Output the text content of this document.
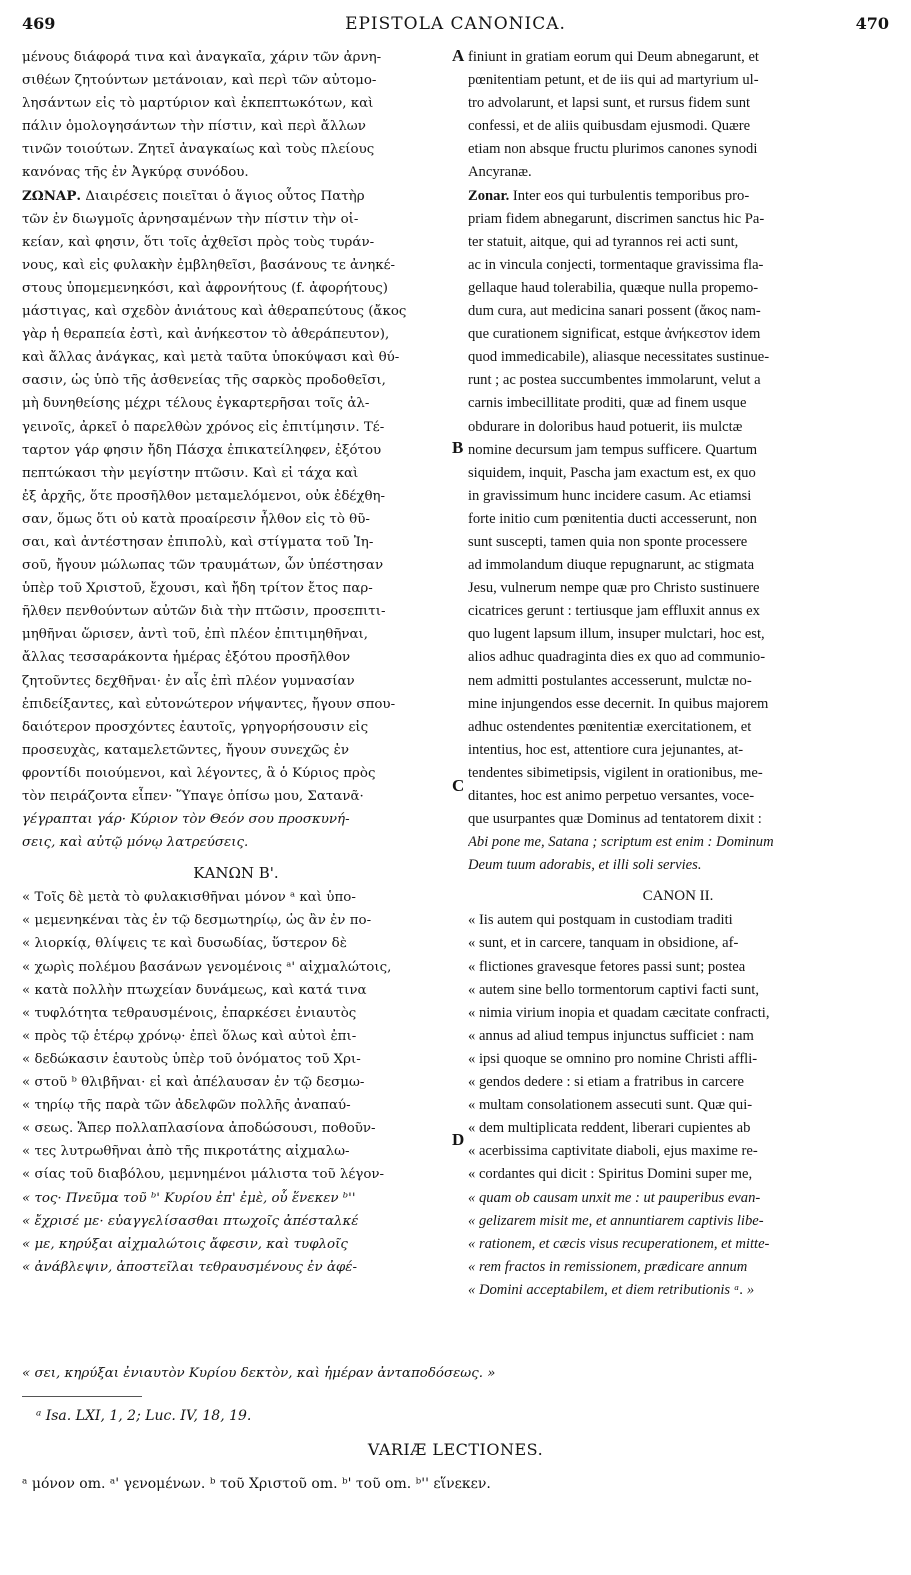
469	EPISTOLA CANONICA.	470
A
B
C
D
μένους διάφορά τινα καὶ ἀναγκαῖα, χάριν τῶν ἀρνη-
σιθέων ζητούντων μετάνοιαν, καὶ περὶ τῶν αὐτομο-
λησάντων εἰς τὸ μαρτύριον καὶ ἐκπεπτωκότων, καὶ
πάλιν ὁμολογησάντων τὴν πίστιν, καὶ περὶ ἄλλων
τινῶν τοιούτων. Ζητεῖ ἀναγκαίως καὶ τοὺς πλείους
κανόνας τῆς ἐν Ἀγκύρᾳ συνόδου.
ΖΩΝΑΡ. Διαιρέσεις ποιεῖται ὁ ἅγιος οὗτος Πατὴρ
τῶν ἐν διωγμοῖς ἀρνησαμένων τὴν πίστιν τὴν οἰ-
κείαν, καὶ φησιν, ὅτι τοῖς ἀχθεῖσι πρὸς τοὺς τυράν-
νους, καὶ εἰς φυλακὴν ἐμβληθεῖσι, βασάνους τε ἀνηκέ-
στους ὑπομεμενηκόσι, καὶ ἀφρονήτους (f. ἀφορήτους)
μάστιγας, καὶ σχεδὸν ἀνιάτους καὶ ἀθεραπεύτους (ἄκος
γὰρ ἡ θεραπεία ἐστὶ, καὶ ἀνήκεστον τὸ ἀθεράπευτον),
καὶ ἄλλας ἀνάγκας, καὶ μετὰ ταῦτα ὑποκύψασι καὶ θύ-
σασιν, ὡς ὑπὸ τῆς ἀσθενείας τῆς σαρκὸς προδοθεῖσι,
μὴ δυνηθείσης μέχρι τέλους ἐγκαρτερῆσαι τοῖς ἀλ-
γεινοῖς, ἀρκεῖ ὁ παρελθὼν χρόνος εἰς ἐπιτίμησιν. Τέ-
ταρτον γάρ φησιν ἤδη Πάσχα ἐπικατείληφεν, ἐξότου
πεπτώκασι τὴν μεγίστην πτῶσιν. Καὶ εἰ τάχα καὶ
ἐξ ἀρχῆς, ὅτε προσῆλθον μεταμελόμενοι, οὐκ ἐδέχθη-
σαν, ὅμως ὅτι οὐ κατὰ προαίρεσιν ἦλθον εἰς τὸ θῦ-
σαι, καὶ ἀντέστησαν ἐπιπολὺ, καὶ στίγματα τοῦ Ἰη-
σοῦ, ἤγουν μώλωπας τῶν τραυμάτων, ὧν ὑπέστησαν
ὑπὲρ τοῦ Χριστοῦ, ἔχουσι, καὶ ἤδη τρίτον ἔτος παρ-
ῆλθεν πενθούντων αὐτῶν διὰ τὴν πτῶσιν, προσεπιτι-
μηθῆναι ὥρισεν, ἀντὶ τοῦ, ἐπὶ πλέον ἐπιτιμηθῆναι,
ἄλλας τεσσαράκοντα ἡμέρας ἐξότου προσῆλθον
ζητοῦντες δεχθῆναι· ἐν αἷς ἐπὶ πλέον γυμνασίαν
ἐπιδείξαντες, καὶ εὐτονώτερον νήψαντες, ἤγουν σπου-
δαιότερον προσχόντες ἑαυτοῖς, γρηγορήσουσιν εἰς
προσευχὰς, καταμελετῶντες, ἤγουν συνεχῶς ἐν
φροντίδι ποιούμενοι, καὶ λέγοντες, ἃ ὁ Κύριος πρὸς
τὸν πειράζοντα εἶπεν· Ὕπαγε ὀπίσω μου, Σατανᾶ·
γέγραπται γάρ· Κύριον τὸν Θεόν σου προσκυνή-
σεις, καὶ αὐτῷ μόνῳ λατρεύσεις.
ΚΑΝΩΝ Β'.
« Τοῖς δὲ μετὰ τὸ φυλακισθῆναι μόνον ᵃ καὶ ὑπο-
« μεμενηκέναι τὰς ἐν τῷ δεσμωτηρίῳ, ὡς ἂν ἐν πο-
« λιορκίᾳ, θλίψεις τε καὶ δυσωδίας, ὕστερον δὲ
« χωρὶς πολέμου βασάνων γενομένοις ᵃ' αἰχμαλώτοις,
« κατὰ πολλὴν πτωχείαν δυνάμεως, καὶ κατά τινα
« τυφλότητα τεθραυσμένοις, ἐπαρκέσει ἐνιαυτὸς
« πρὸς τῷ ἑτέρῳ χρόνῳ· ἐπεὶ ὅλως καὶ αὐτοὶ ἐπι-
« δεδώκασιν ἑαυτοὺς ὑπὲρ τοῦ ὀνόματος τοῦ Χρι-
« στοῦ ᵇ θλιβῆναι· εἰ καὶ ἀπέλαυσαν ἐν τῷ δεσμω-
« τηρίῳ τῆς παρὰ τῶν ἀδελφῶν πολλῆς ἀναπαύ-
« σεως. Ἅπερ πολλαπλασίονα ἀποδώσουσι, ποθοῦν-
« τες λυτρωθῆναι ἀπὸ τῆς πικροτάτης αἰχμαλω-
« σίας τοῦ διαβόλου, μεμνημένοι μάλιστα τοῦ λέγον-
« τος· Πνεῦμα τοῦ ᵇ' Κυρίου ἐπ' ἐμὲ, οὗ ἕνεκεν ᵇ''
« ἔχρισέ με· εὐαγγελίσασθαι πτωχοῖς ἀπέσταλκέ
« με, κηρύξαι αἰχμαλώτοις ἄφεσιν, καὶ τυφλοῖς
« ἀνάβλεψιν, ἀποστεῖλαι τεθραυσμένους ἐν ἀφέ-
finiunt in gratiam eorum qui Deum abnegarunt, et
pœnitentiam petunt, et de iis qui ad martyrium ul-
tro advolarunt, et lapsi sunt, et rursus fidem sunt
confessi, et de aliis quibusdam ejusmodi. Quære
etiam non absque fructu plurimos canones synodi
Ancyranæ.
Zonar. Inter eos qui turbulentis temporibus pro-
priam fidem abnegarunt, discrimen sanctus hic Pa-
ter statuit, aitque, qui ad tyrannos rei acti sunt,
ac in vincula conjecti, tormentaque gravissima fla-
gellaque haud tolerabilia, quæque nulla propemo-
dum cura, aut medicina sanari possent (ἄκος nam-
que curationem significat, estque ἀνήκεστον idem
quod immedicabile), aliasque necessitates sustinue-
runt ; ac postea succumbentes immolarunt, velut a
carnis imbecillitate proditi, quæ ad finem usque
obdurare in doloribus haud potuerit, iis mulctæ
nomine decursum jam tempus sufficere. Quartum
siquidem, inquit, Pascha jam exactum est, ex quo
in gravissimum hunc incidere casum. Ac etiamsi
forte initio cum pœnitentia ducti accesserunt, non
sunt suscepti, tamen quia non sponte processere
ad immolandum diuque repugnarunt, ac stigmata
Jesu, vulnerum nempe quæ pro Christo sustinuere
cicatrices gerunt : tertiusque jam effluxit annus ex
quo lugent lapsum illum, insuper mulctari, hoc est,
alios adhuc quadraginta dies ex quo ad communio-
nem admitti postulantes accesserunt, mulctæ no-
mine injungendos esse decernit. In quibus majorem
adhuc ostendentes pœnitentiæ exercitationem, et
intentius, hoc est, attentiore cura jejunantes, at-
tendentes sibimetipsis, vigilent in orationibus, me-
ditantes, hoc est animo perpetuo versantes, voce-
que usurpantes quæ Dominus ad tentatorem dixit :
Abi pone me, Satana ; scriptum est enim : Dominum
Deum tuum adorabis, et illi soli servies.
CANON II.
« Iis autem qui postquam in custodiam traditi
« sunt, et in carcere, tanquam in obsidione, af-
« flictiones gravesque fetores passi sunt; postea
« autem sine bello tormentorum captivi facti sunt,
« nimia virium inopia et quadam cæcitate confracti,
« annus ad aliud tempus injunctus sufficiet : nam
« ipsi quoque se omnino pro nomine Christi affli-
« gendos dedere : si etiam a fratribus in carcere
« multam consolationem assecuti sunt. Quæ qui-
« dem multiplicata reddent, liberari cupientes ab
« acerbissima captivitate diaboli, ejus maxime re-
« cordantes qui dicit : Spiritus Domini super me,
« quam ob causam unxit me : ut pauperibus evan-
« gelizarem misit me, et annuntiarem captivis libe-
« rationem, et cæcis visus recuperationem, et mitte-
« rem fractos in remissionem, prædicare annum
« Domini acceptabilem, et diem retributionis ᵃ. »
« σει, κηρύξαι ἐνιαυτὸν Κυρίου δεκτὸν, καὶ ἡμέραν ἀνταποδόσεως. »
ᵃ Isa. LXI, 1, 2; Luc. IV, 18, 19.
VARIÆ LECTIONES.
ᵃ μόνον om. ᵃ' γενομένων. ᵇ τοῦ Χριστοῦ om. ᵇ' τοῦ om. ᵇ'' εἵνεκεν.
